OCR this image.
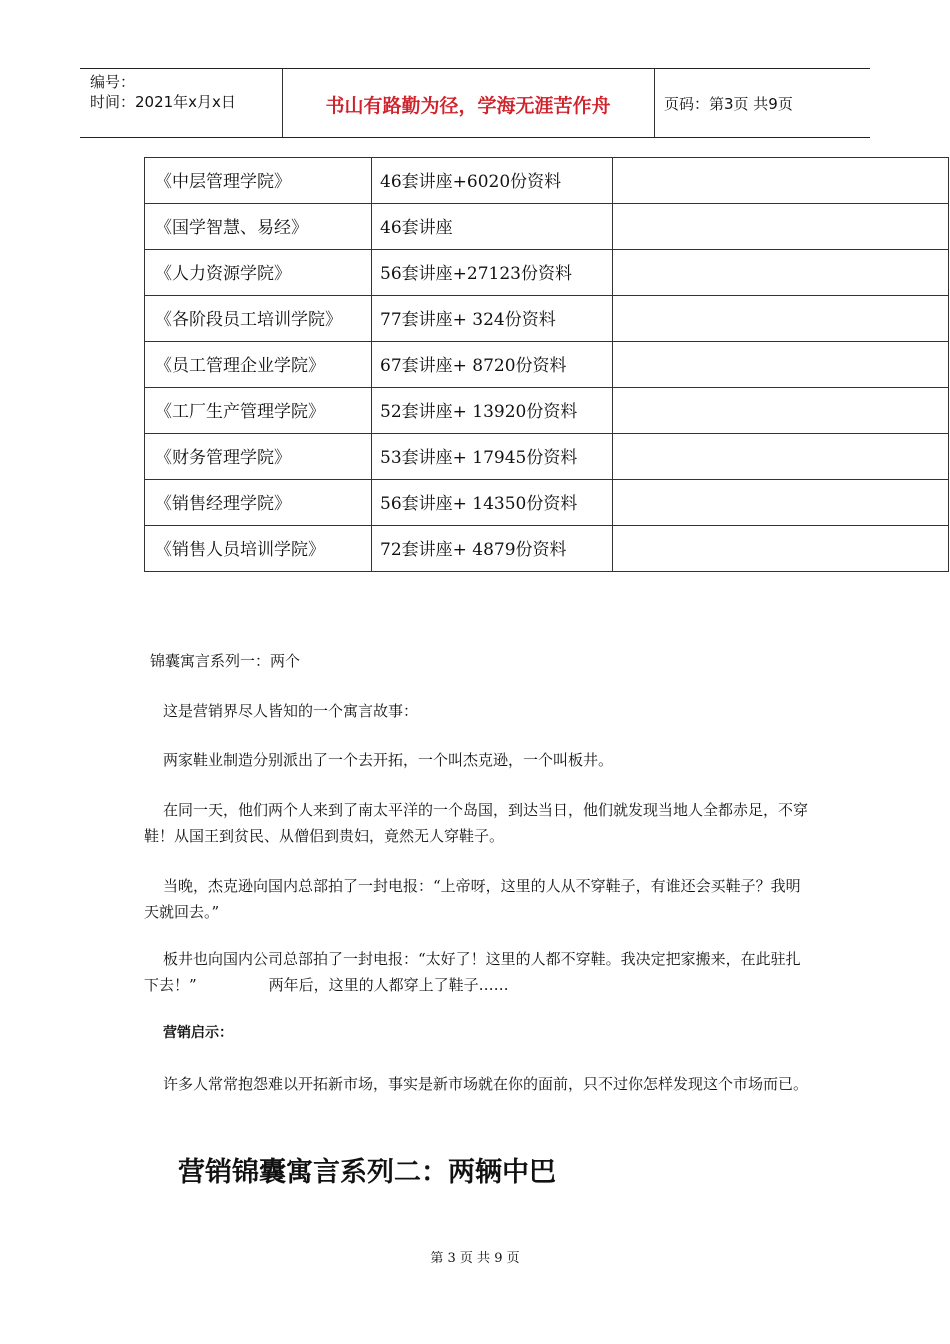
编号：
时间：2021年x月x日	书山有路勤为径，学海无涯苦作舟	页码：第3页 共9页
《中层管理学院》	46套讲座+6020份资料	
《国学智慧、易经》	46套讲座	
《人力资源学院》	56套讲座+27123份资料	
《各阶段员工培训学院》	77套讲座+ 324份资料	
《员工管理企业学院》	67套讲座+ 8720份资料	
《工厂生产管理学院》	52套讲座+ 13920份资料	
《财务管理学院》	53套讲座+ 17945份资料	
《销售经理学院》	56套讲座+ 14350份资料	
《销售人员培训学院》	72套讲座+ 4879份资料	
锦囊寓言系列一：两个
这是营销界尽人皆知的一个寓言故事：
两家鞋业制造分别派出了一个去开拓，一个叫杰克逊，一个叫板井。
在同一天，他们两个人来到了南太平洋的一个岛国，到达当日，他们就发现当地人全都赤足，不穿鞋！从国王到贫民、从僧侣到贵妇，竟然无人穿鞋子。
当晚，杰克逊向国内总部拍了一封电报：“上帝呀，这里的人从不穿鞋子，有谁还会买鞋子？我明天就回去。”
板井也向国内公司总部拍了一封电报：“太好了！这里的人都不穿鞋。我决定把家搬来，在此驻扎下去！”	两年后，这里的人都穿上了鞋子……
营销启示：
许多人常常抱怨难以开拓新市场，事实是新市场就在你的面前，只不过你怎样发现这个市场而已。
营销锦囊寓言系列二：两辆中巴
第 3 页 共 9 页
